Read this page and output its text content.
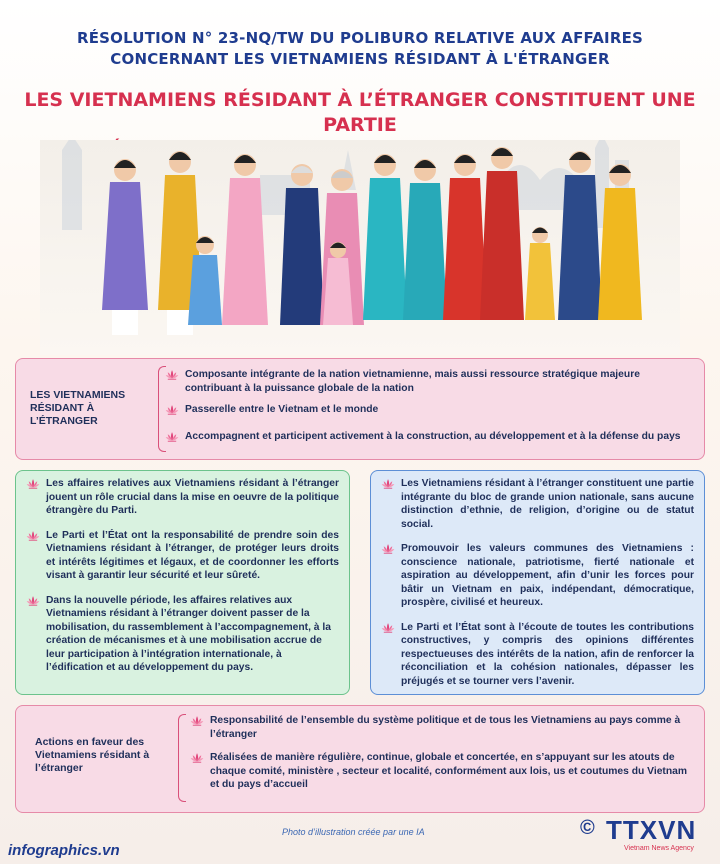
RÉSOLUTION N° 23-NQ/TW DU POLIBURO RELATIVE AUX AFFAIRES
CONCERNANT LES VIETNAMIENS RÉSIDANT À L'ÉTRANGER
LES VIETNAMIENS RÉSIDANT À L’ÉTRANGER CONSTITUENT UNE PARTIE
LES VIETNAMIENS RÉSIDANT À L’ÉTRANGER
Composante intégrante de la nation vietnamienne, mais aussi ressource stratégique majeure contribuant à la puissance globale de la nation
Passerelle entre le Vietnam et le monde
Accompagnent et participent activement à la construction, au développement et à la défense du pays
Les affaires relatives aux Vietnamiens résidant à l’étranger jouent un rôle crucial dans la mise en oeuvre de la politique étrangère du Parti.
Le Parti et l’État ont la responsabilité de prendre soin des Vietnamiens résidant à l’étranger, de protéger leurs droits et intérêts légitimes et légaux, et de coordonner les efforts visant à garantir leur sécurité et leur sûreté.
Dans la nouvelle période, les affaires relatives aux Vietnamiens résidant à l’étranger doivent passer de la mobilisation, du rassemblement à l’accompagnement, à la création de mécanismes et à une mobilisation accrue de leur participation à l’intégration internationale, à l’édification et au développement du pays.
Les Vietnamiens résidant à l’étranger constituent une partie intégrante du bloc de grande union nationale, sans aucune distinction d’ethnie, de religion, d’origine ou de statut social.
Promouvoir les valeurs communes des Vietnamiens : conscience nationale, patriotisme, fierté nationale et aspiration au développement, afin d’unir les forces pour bâtir un Vietnam en paix, indépendant, démocratique, prospère, civilisé et heureux.
Le Parti et l’État sont à l’écoute de toutes les contributions constructives, y compris des opinions différentes respectueuses des intérêts de la nation, afin de renforcer la réconciliation et la cohésion nationales, dépasser les préjugés et se tourner vers l’avenir.
Actions en faveur des Vietnamiens résidant à l’étranger
Responsabilité de l’ensemble du système politique et de tous les Vietnamiens au pays comme à l’étranger
Réalisées de manière régulière, continue, globale et concertée, en s’appuyant sur les atouts de chaque comité, ministère , secteur et localité, conformément aux lois, us et coutumes du Vietnam et du pays d’accueil
Photo d’illustration créée par une IA
infographics.vn
© TTXVN
Vietnam News Agency
